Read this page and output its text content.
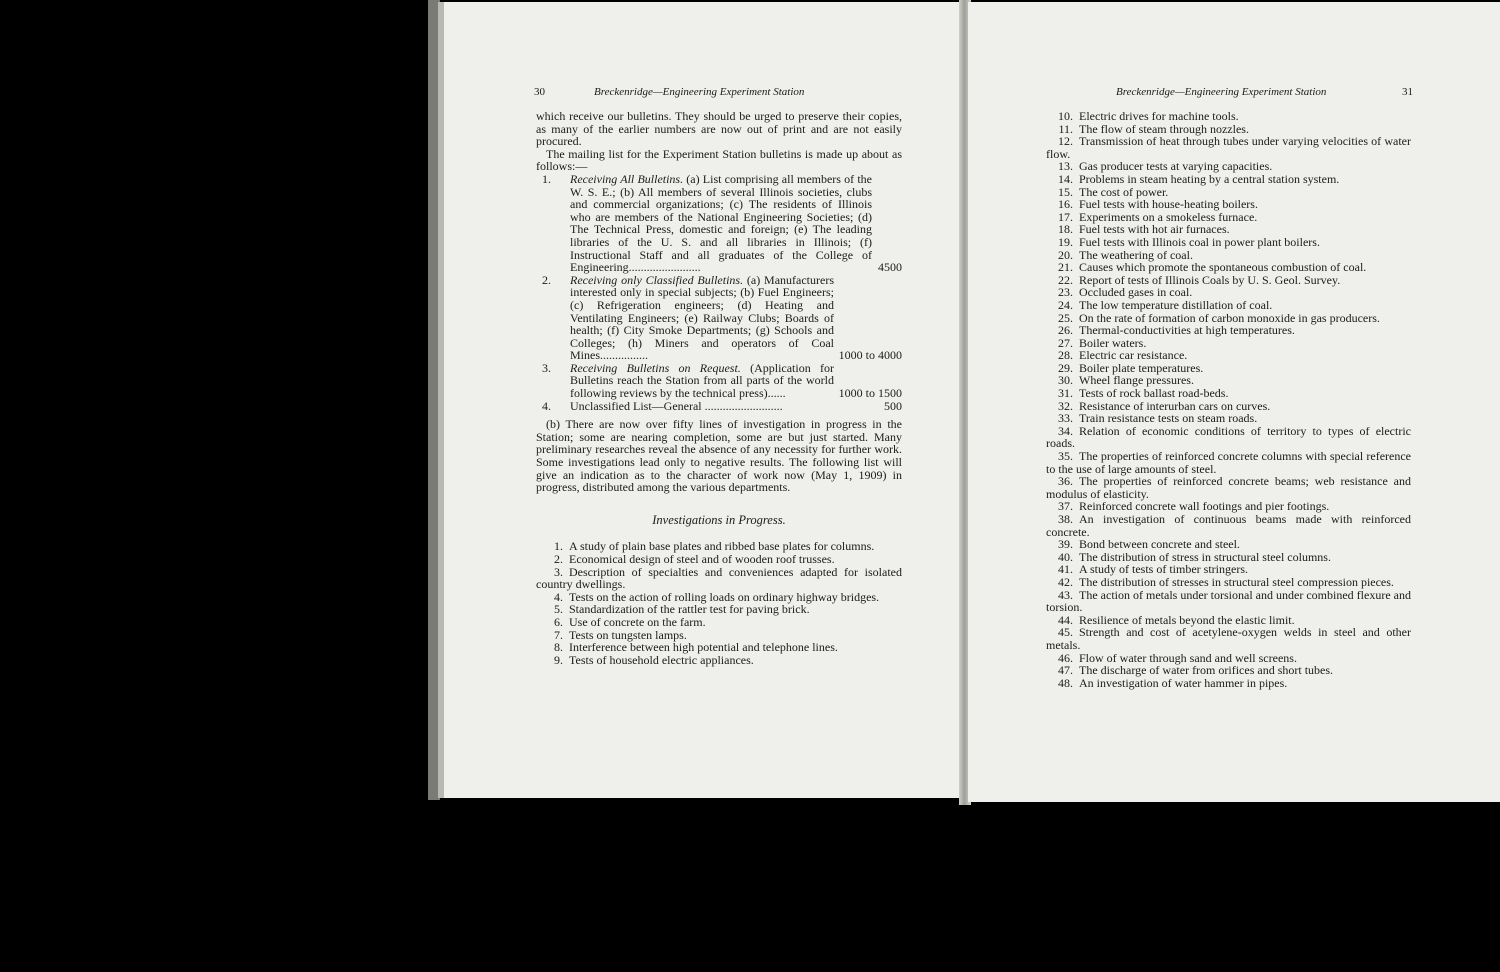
30	Breckenridge—Engineering Experiment Station

which receive our bulletins. They should be urged to preserve their copies, as many of the earlier numbers are now out of print and are not easily procured.

The mailing list for the Experiment Station bulletins is made up about as follows:—

1. Receiving All Bulletins. (a) List comprising all members of the W. S. E.; (b) All members of several Illinois societies, clubs and commercial organizations; (c) The residents of Illinois who are members of the National Engineering Societies; (d) The Technical Press, domestic and foreign; (e) The leading libraries of the U. S. and all libraries in Illinois; (f) Instructional Staff and all graduates of the College of Engineering........................	4500
2. Receiving only Classified Bulletins. (a) Manufacturers interested only in special subjects; (b) Fuel Engineers; (c) Refrigeration engineers; (d) Heating and Ventilating Engineers; (e) Railway Clubs; Boards of health; (f) City Smoke Departments; (g) Schools and Colleges; (h) Miners and operators of Coal Mines................	1000 to 4000
3. Receiving Bulletins on Request. (Application for Bulletins reach the Station from all parts of the world following reviews by the technical press)......	1000 to 1500
4. Unclassified List—General ..........................	500

(b) There are now over fifty lines of investigation in progress in the Station; some are nearing completion, some are but just started. Many preliminary researches reveal the absence of any necessity for further work. Some investigations lead only to negative results. The following list will give an indication as to the character of work now (May 1, 1909) in progress, distributed among the various departments.

Investigations in Progress.

1. A study of plain base plates and ribbed base plates for columns.

2. Economical design of steel and of wooden roof trusses.

3. Description of specialties and conveniences adapted for isolated country dwellings.

4. Tests on the action of rolling loads on ordinary highway bridges.

5. Standardization of the rattler test for paving brick.

6. Use of concrete on the farm.

7. Tests on tungsten lamps.

8. Interference between high potential and telephone lines.

9. Tests of household electric appliances.

Breckenridge—Engineering Experiment Station	31

10. Electric drives for machine tools.

11. The flow of steam through nozzles.

12. Transmission of heat through tubes under varying velocities of water flow.

13. Gas producer tests at varying capacities.

14. Problems in steam heating by a central station system.

15. The cost of power.

16. Fuel tests with house-heating boilers.

17. Experiments on a smokeless furnace.

18. Fuel tests with hot air furnaces.

19. Fuel tests with Illinois coal in power plant boilers.

20. The weathering of coal.

21. Causes which promote the spontaneous combustion of coal.

22. Report of tests of Illinois Coals by U. S. Geol. Survey.

23. Occluded gases in coal.

24. The low temperature distillation of coal.

25. On the rate of formation of carbon monoxide in gas producers.

26. Thermal-conductivities at high temperatures.

27. Boiler waters.

28. Electric car resistance.

29. Boiler plate temperatures.

30. Wheel flange pressures.

31. Tests of rock ballast road-beds.

32. Resistance of interurban cars on curves.

33. Train resistance tests on steam roads.

34. Relation of economic conditions of territory to types of electric roads.

35. The properties of reinforced concrete columns with special reference to the use of large amounts of steel.

36. The properties of reinforced concrete beams; web resistance and modulus of elasticity.

37. Reinforced concrete wall footings and pier footings.

38. An investigation of continuous beams made with reinforced concrete.

39. Bond between concrete and steel.

40. The distribution of stress in structural steel columns.

41. A study of tests of timber stringers.

42. The distribution of stresses in structural steel compression pieces.

43. The action of metals under torsional and under combined flexure and torsion.

44. Resilience of metals beyond the elastic limit.

45. Strength and cost of acetylene-oxygen welds in steel and other metals.

46. Flow of water through sand and well screens.

47. The discharge of water from orifices and short tubes.

48. An investigation of water hammer in pipes.
